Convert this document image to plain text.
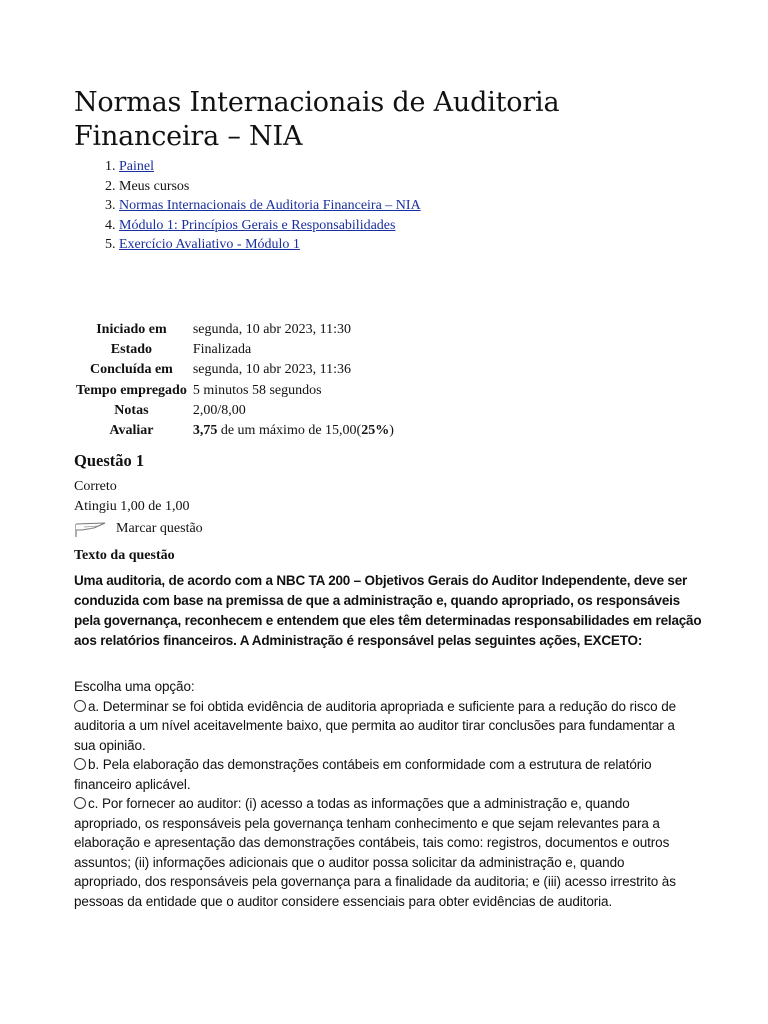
Normas Internacionais de Auditoria Financeira – NIA
1. Painel
2. Meus cursos
3. Normas Internacionais de Auditoria Financeira – NIA
4. Módulo 1: Princípios Gerais e Responsabilidades
5. Exercício Avaliativo - Módulo 1
Iniciado em	segunda, 10 abr 2023, 11:30
Estado	Finalizada
Concluída em	segunda, 10 abr 2023, 11:36
Tempo empregado	5 minutos 58 segundos
Notas	2,00/8,00
Avaliar	3,75 de um máximo de 15,00(25%)
Questão 1
Correto
Atingiu 1,00 de 1,00
Marcar questão
Texto da questão
Uma auditoria, de acordo com a NBC TA 200 – Objetivos Gerais do Auditor Independente, deve ser conduzida com base na premissa de que a administração e, quando apropriado, os responsáveis pela governança, reconhecem e entendem que eles têm determinadas responsabilidades em relação aos relatórios financeiros. A Administração é responsável pelas seguintes ações, EXCETO:
Escolha uma opção:
a. Determinar se foi obtida evidência de auditoria apropriada e suficiente para a redução do risco de auditoria a um nível aceitavelmente baixo, que permita ao auditor tirar conclusões para fundamentar a sua opinião.
b. Pela elaboração das demonstrações contábeis em conformidade com a estrutura de relatório financeiro aplicável.
c. Por fornecer ao auditor: (i) acesso a todas as informações que a administração e, quando apropriado, os responsáveis pela governança tenham conhecimento e que sejam relevantes para a elaboração e apresentação das demonstrações contábeis, tais como: registros, documentos e outros assuntos; (ii) informações adicionais que o auditor possa solicitar da administração e, quando apropriado, dos responsáveis pela governança para a finalidade da auditoria; e (iii) acesso irrestrito às pessoas da entidade que o auditor considere essenciais para obter evidências de auditoria.
